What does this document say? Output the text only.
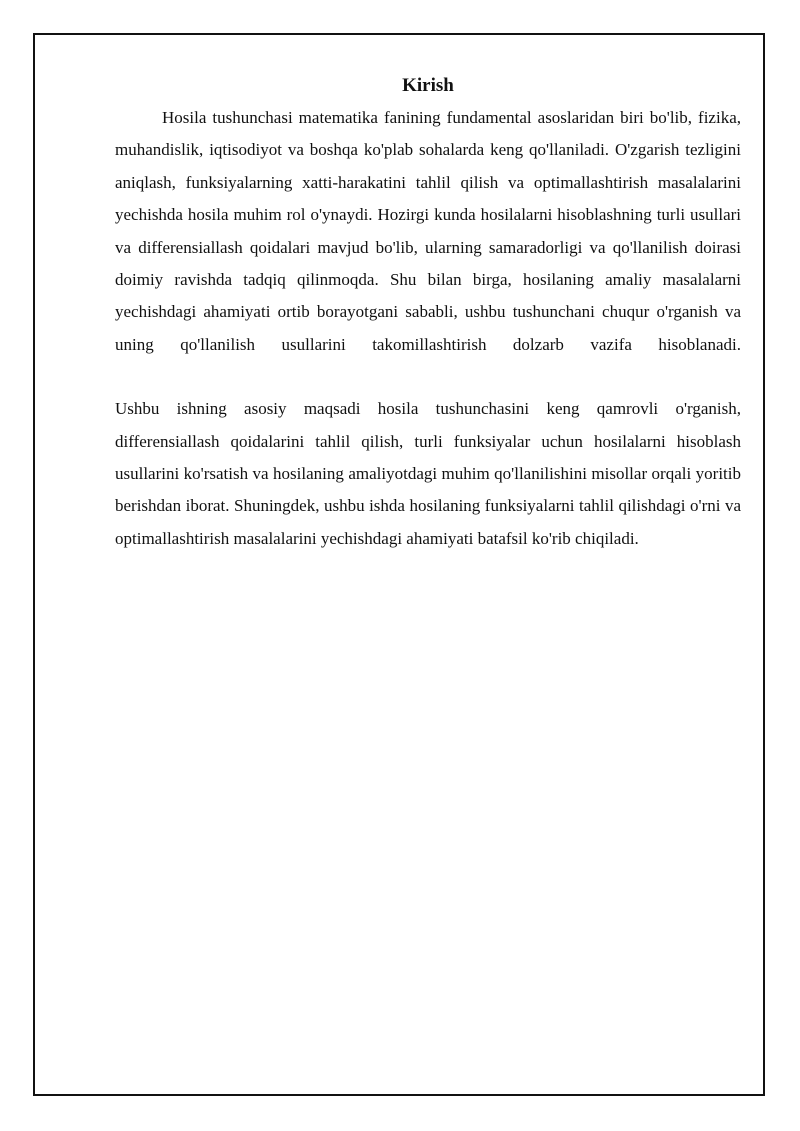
Kirish

Hosila tushunchasi matematika fanining fundamental asoslaridan biri bo'lib, fizika, muhandislik, iqtisodiyot va boshqa ko'plab sohalarda keng qo'llaniladi. O'zgarish tezligini aniqlash, funksiyalarning xatti-harakatini tahlil qilish va optimallashtirish masalalarini yechishda hosila muhim rol o'ynaydi. Hozirgi kunda hosilalarni hisoblashning turli usullari va differensiallash qoidalari mavjud bo'lib, ularning samaradorligi va qo'llanilish doirasi doimiy ravishda tadqiq qilinmoqda. Shu bilan birga, hosilaning amaliy masalalarni yechishdagi ahamiyati ortib borayotgani sababli, ushbu tushunchani chuqur o'rganish va uning qo'llanilish usullarini takomillashtirish dolzarb vazifa hisoblanadi.

Ushbu ishning asosiy maqsadi hosila tushunchasini keng qamrovli o'rganish, differensiallash qoidalarini tahlil qilish, turli funksiyalar uchun hosilalarni hisoblash usullarini ko'rsatish va hosilaning amaliyotdagi muhim qo'llanilishini misollar orqali yoritib berishdan iborat. Shuningdek, ushbu ishda hosilaning funksiyalarni tahlil qilishdagi o'rni va optimallashtirish masalalarini yechishdagi ahamiyati batafsil ko'rib chiqiladi.
